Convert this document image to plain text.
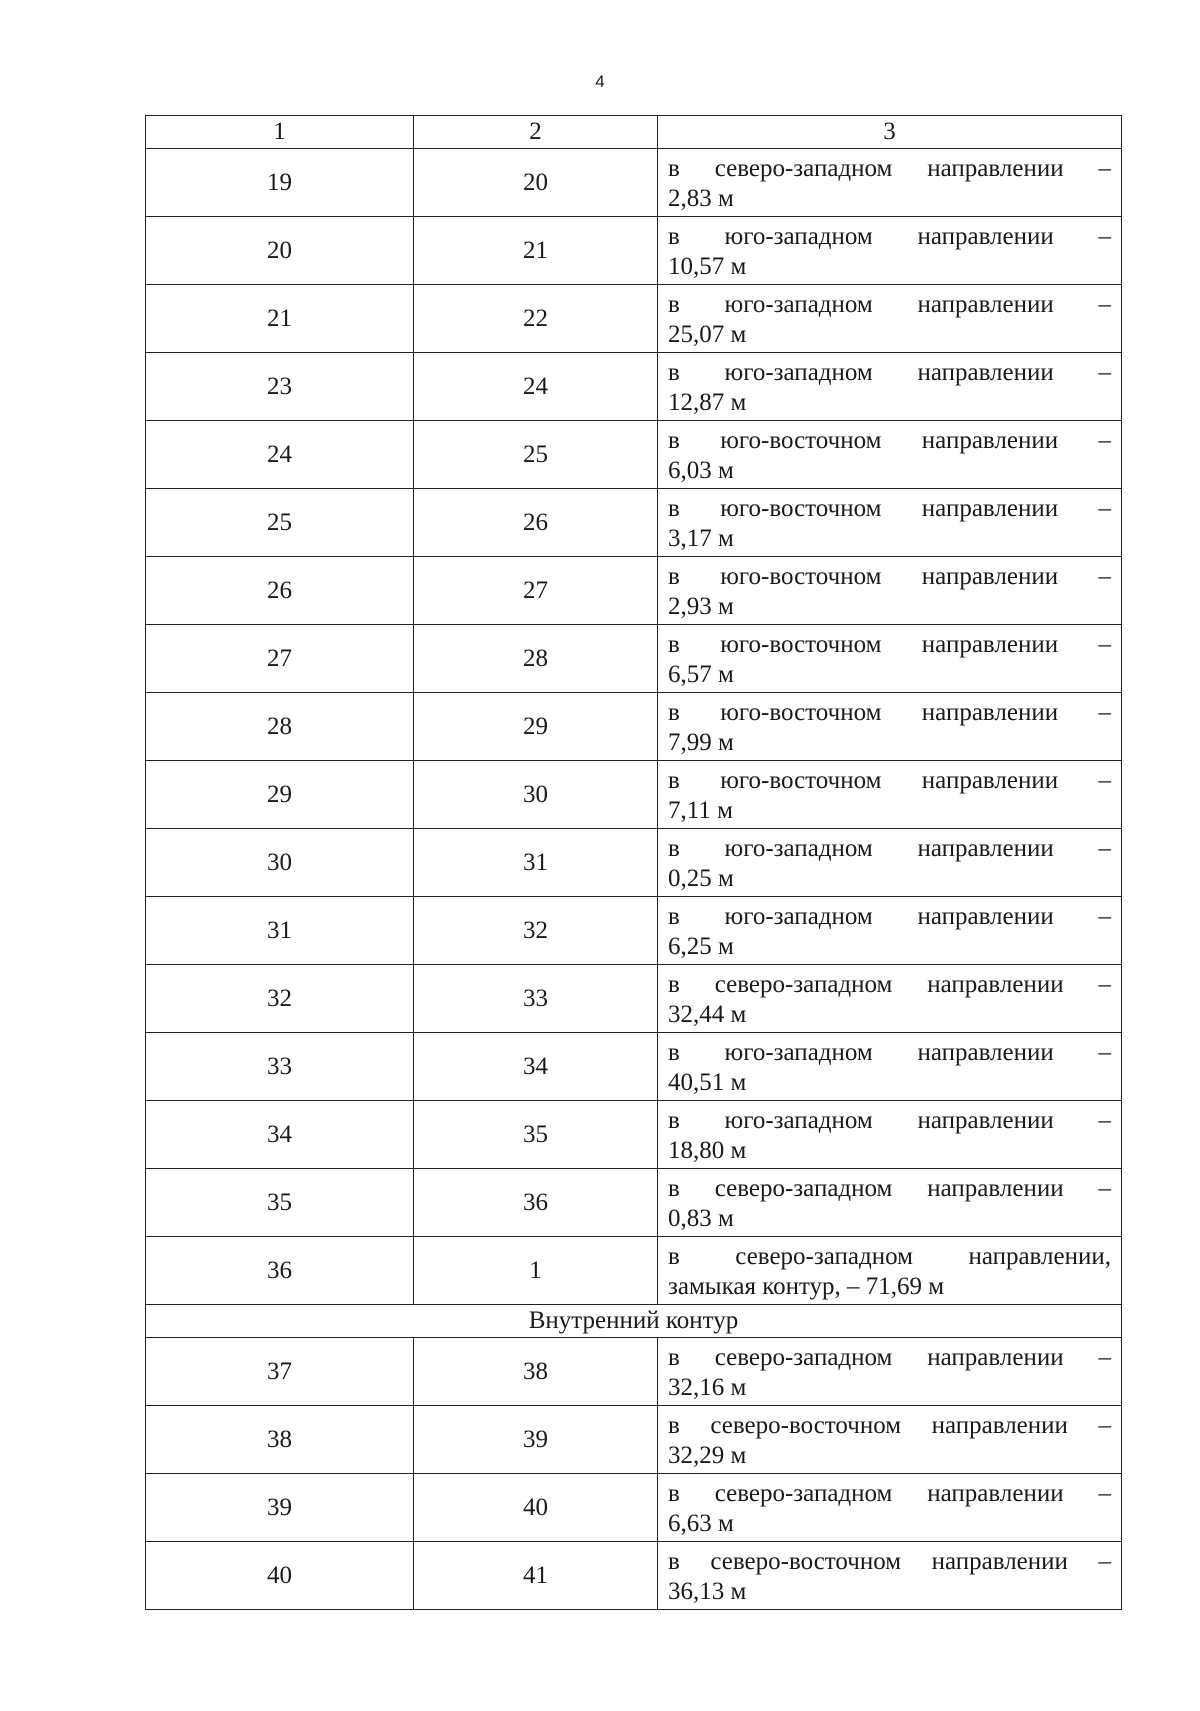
4
1	2	3
19	20	в северо-западном направлении –
2,83 м

20	21	в юго-западном направлении –
10,57 м

21	22	в юго-западном направлении –
25,07 м

23	24	в юго-западном направлении –
12,87 м

24	25	в юго-восточном направлении –
6,03 м

25	26	в юго-восточном направлении –
3,17 м

26	27	в юго-восточном направлении –
2,93 м

27	28	в юго-восточном направлении –
6,57 м

28	29	в юго-восточном направлении –
7,99 м

29	30	в юго-восточном направлении –
7,11 м

30	31	в юго-западном направлении –
0,25 м

31	32	в юго-западном направлении –
6,25 м

32	33	в северо-западном направлении –
32,44 м

33	34	в юго-западном направлении –
40,51 м

34	35	в юго-западном направлении –
18,80 м

35	36	в северо-западном направлении –
0,83 м

36	1	в северо-западном направлении,
замыкая контур, – 71,69 м

Внутренний контур		
37	38	в северо-западном направлении –
32,16 м

38	39	в северо-восточном направлении –
32,29 м

39	40	в северо-западном направлении –
6,63 м

40	41	в северо-восточном направлении –
36,13 м
